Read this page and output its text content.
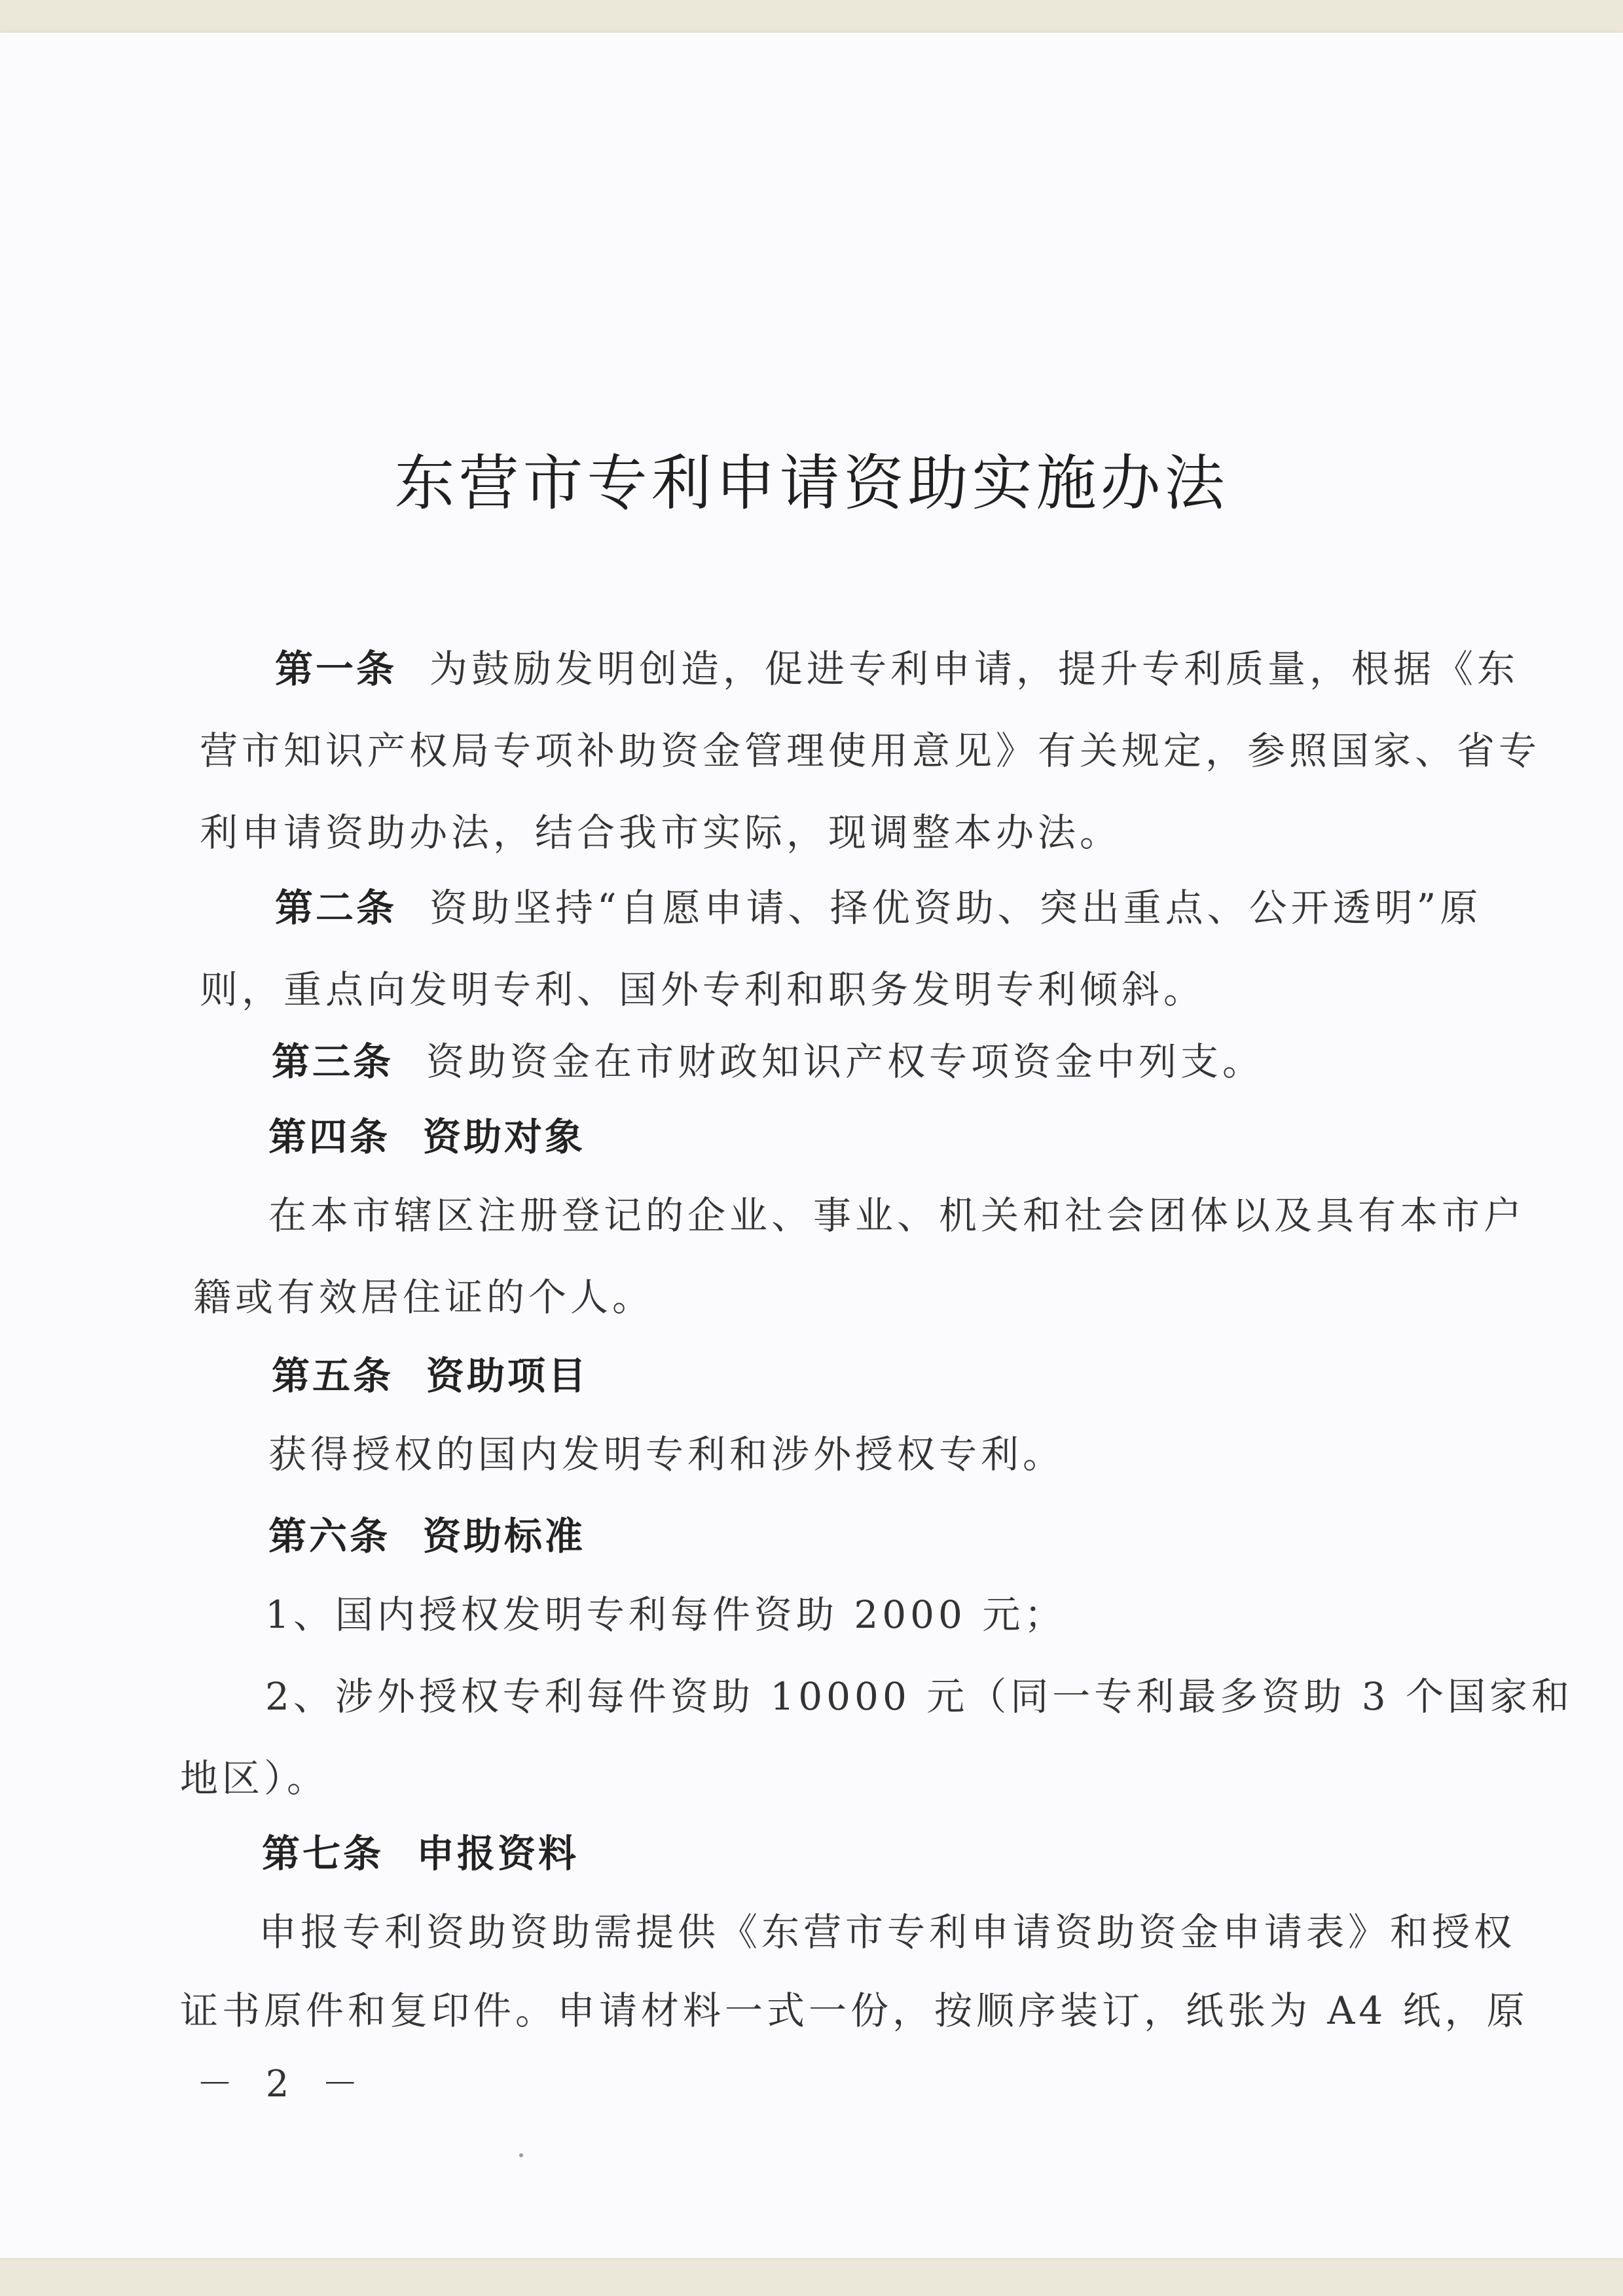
东营市专利申请资助实施办法
第一条 为鼓励发明创造，促进专利申请，提升专利质量，根据《东
营市知识产权局专项补助资金管理使用意见》有关规定，参照国家、省专
利申请资助办法，结合我市实际，现调整本办法。
第二条 资助坚持“自愿申请、择优资助、突出重点、公开透明”原
则，重点向发明专利、国外专利和职务发明专利倾斜。
第三条 资助资金在市财政知识产权专项资金中列支。
第四条 资助对象
在本市辖区注册登记的企业、事业、机关和社会团体以及具有本市户
籍或有效居住证的个人。
第五条 资助项目
获得授权的国内发明专利和涉外授权专利。
第六条 资助标准
1、国内授权发明专利每件资助 2000 元；
2、涉外授权专利每件资助 10000 元（同一专利最多资助 3 个国家和
地区）。
第七条 申报资料
申报专利资助资助需提供《东营市专利申请资助资金申请表》和授权
证书原件和复印件。申请材料一式一份，按顺序装订，纸张为 A4 纸，原
－ 2 －
